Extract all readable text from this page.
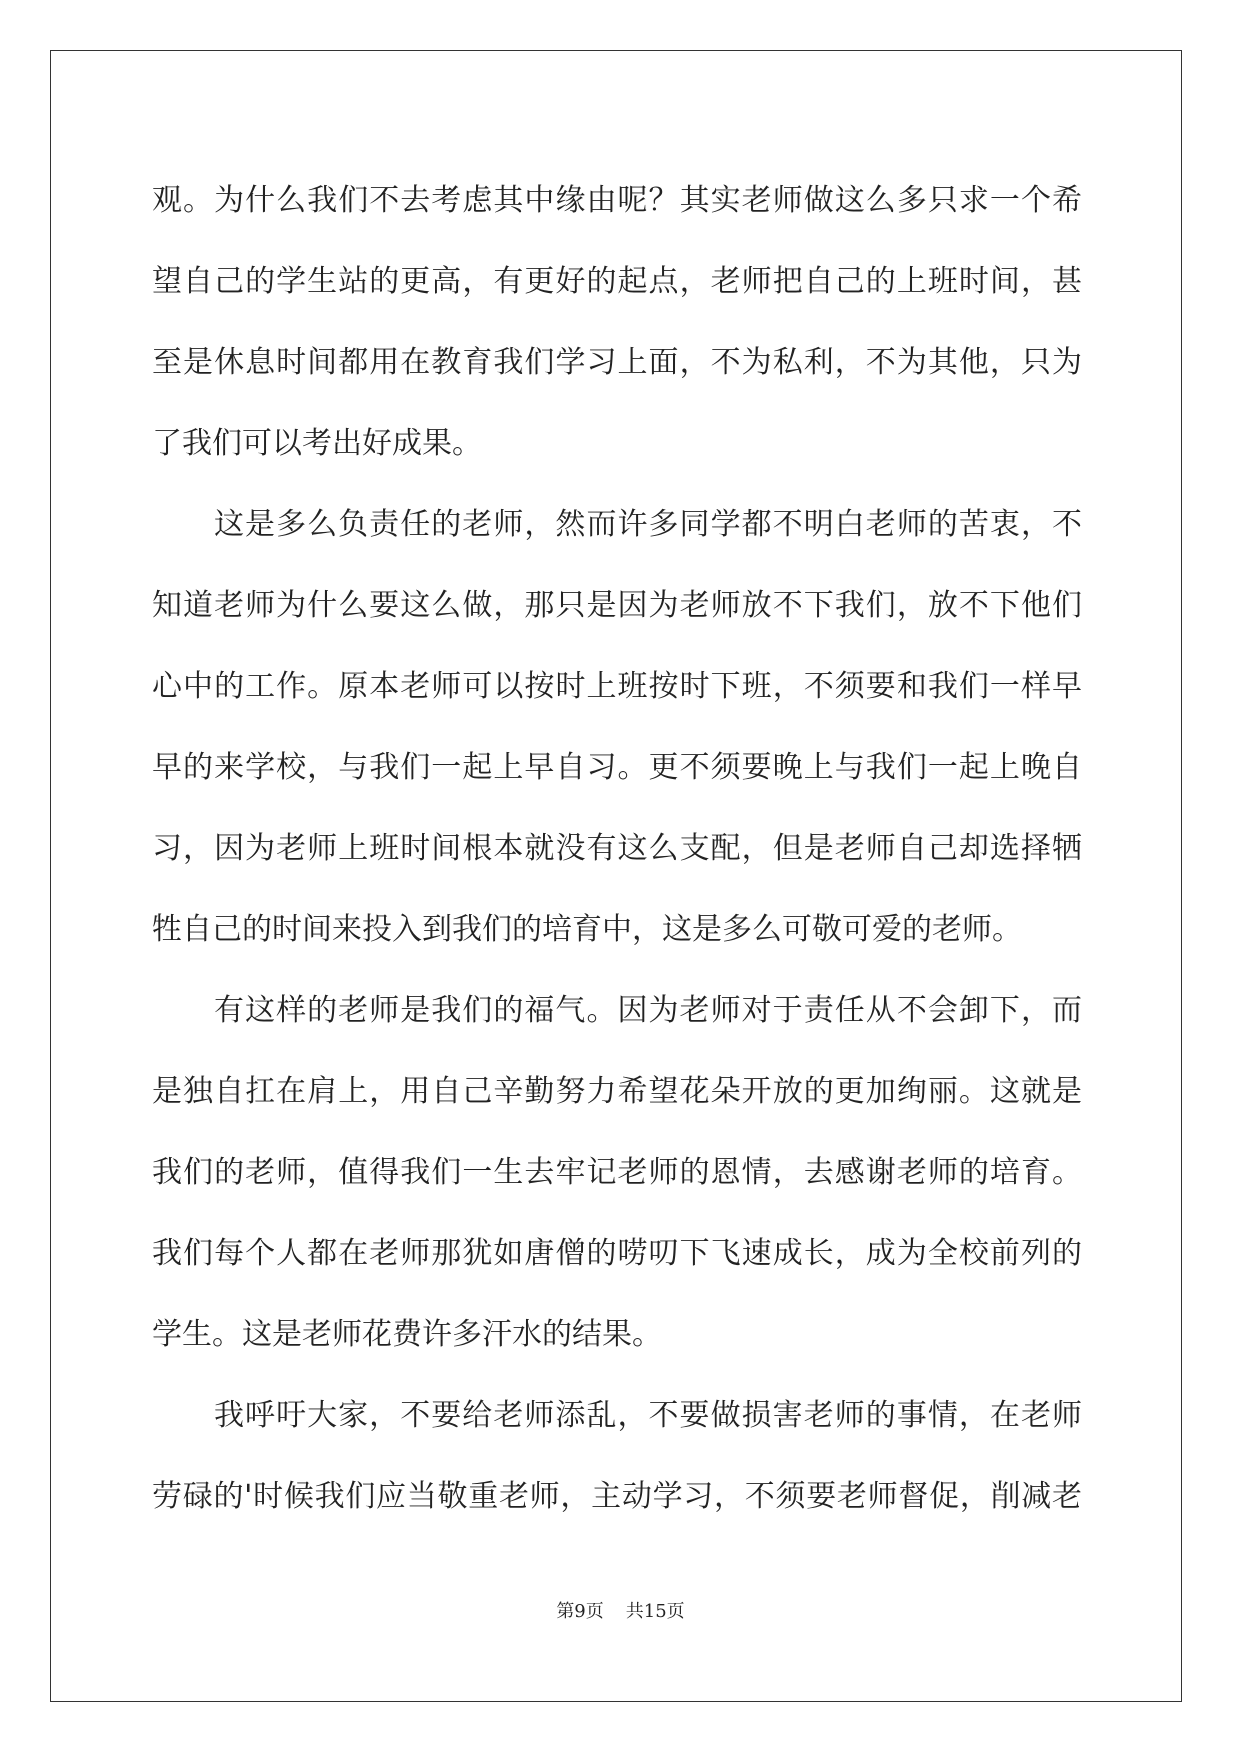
观。为什么我们不去考虑其中缘由呢？其实老师做这么多只求一个希
望自己的学生站的更高，有更好的起点，老师把自己的上班时间，甚
至是休息时间都用在教育我们学习上面，不为私利，不为其他，只为
了我们可以考出好成果。
这是多么负责任的老师，然而许多同学都不明白老师的苦衷，不
知道老师为什么要这么做，那只是因为老师放不下我们，放不下他们
心中的工作。原本老师可以按时上班按时下班，不须要和我们一样早
早的来学校，与我们一起上早自习。更不须要晚上与我们一起上晚自
习，因为老师上班时间根本就没有这么支配，但是老师自己却选择牺
牲自己的时间来投入到我们的培育中，这是多么可敬可爱的老师。
有这样的老师是我们的福气。因为老师对于责任从不会卸下，而
是独自扛在肩上，用自己辛勤努力希望花朵开放的更加绚丽。这就是
我们的老师，值得我们一生去牢记老师的恩情，去感谢老师的培育。
我们每个人都在老师那犹如唐僧的唠叨下飞速成长，成为全校前列的
学生。这是老师花费许多汗水的结果。
我呼吁大家，不要给老师添乱，不要做损害老师的事情，在老师
劳碌的'时候我们应当敬重老师，主动学习，不须要老师督促，削减老
第9页 共15页
